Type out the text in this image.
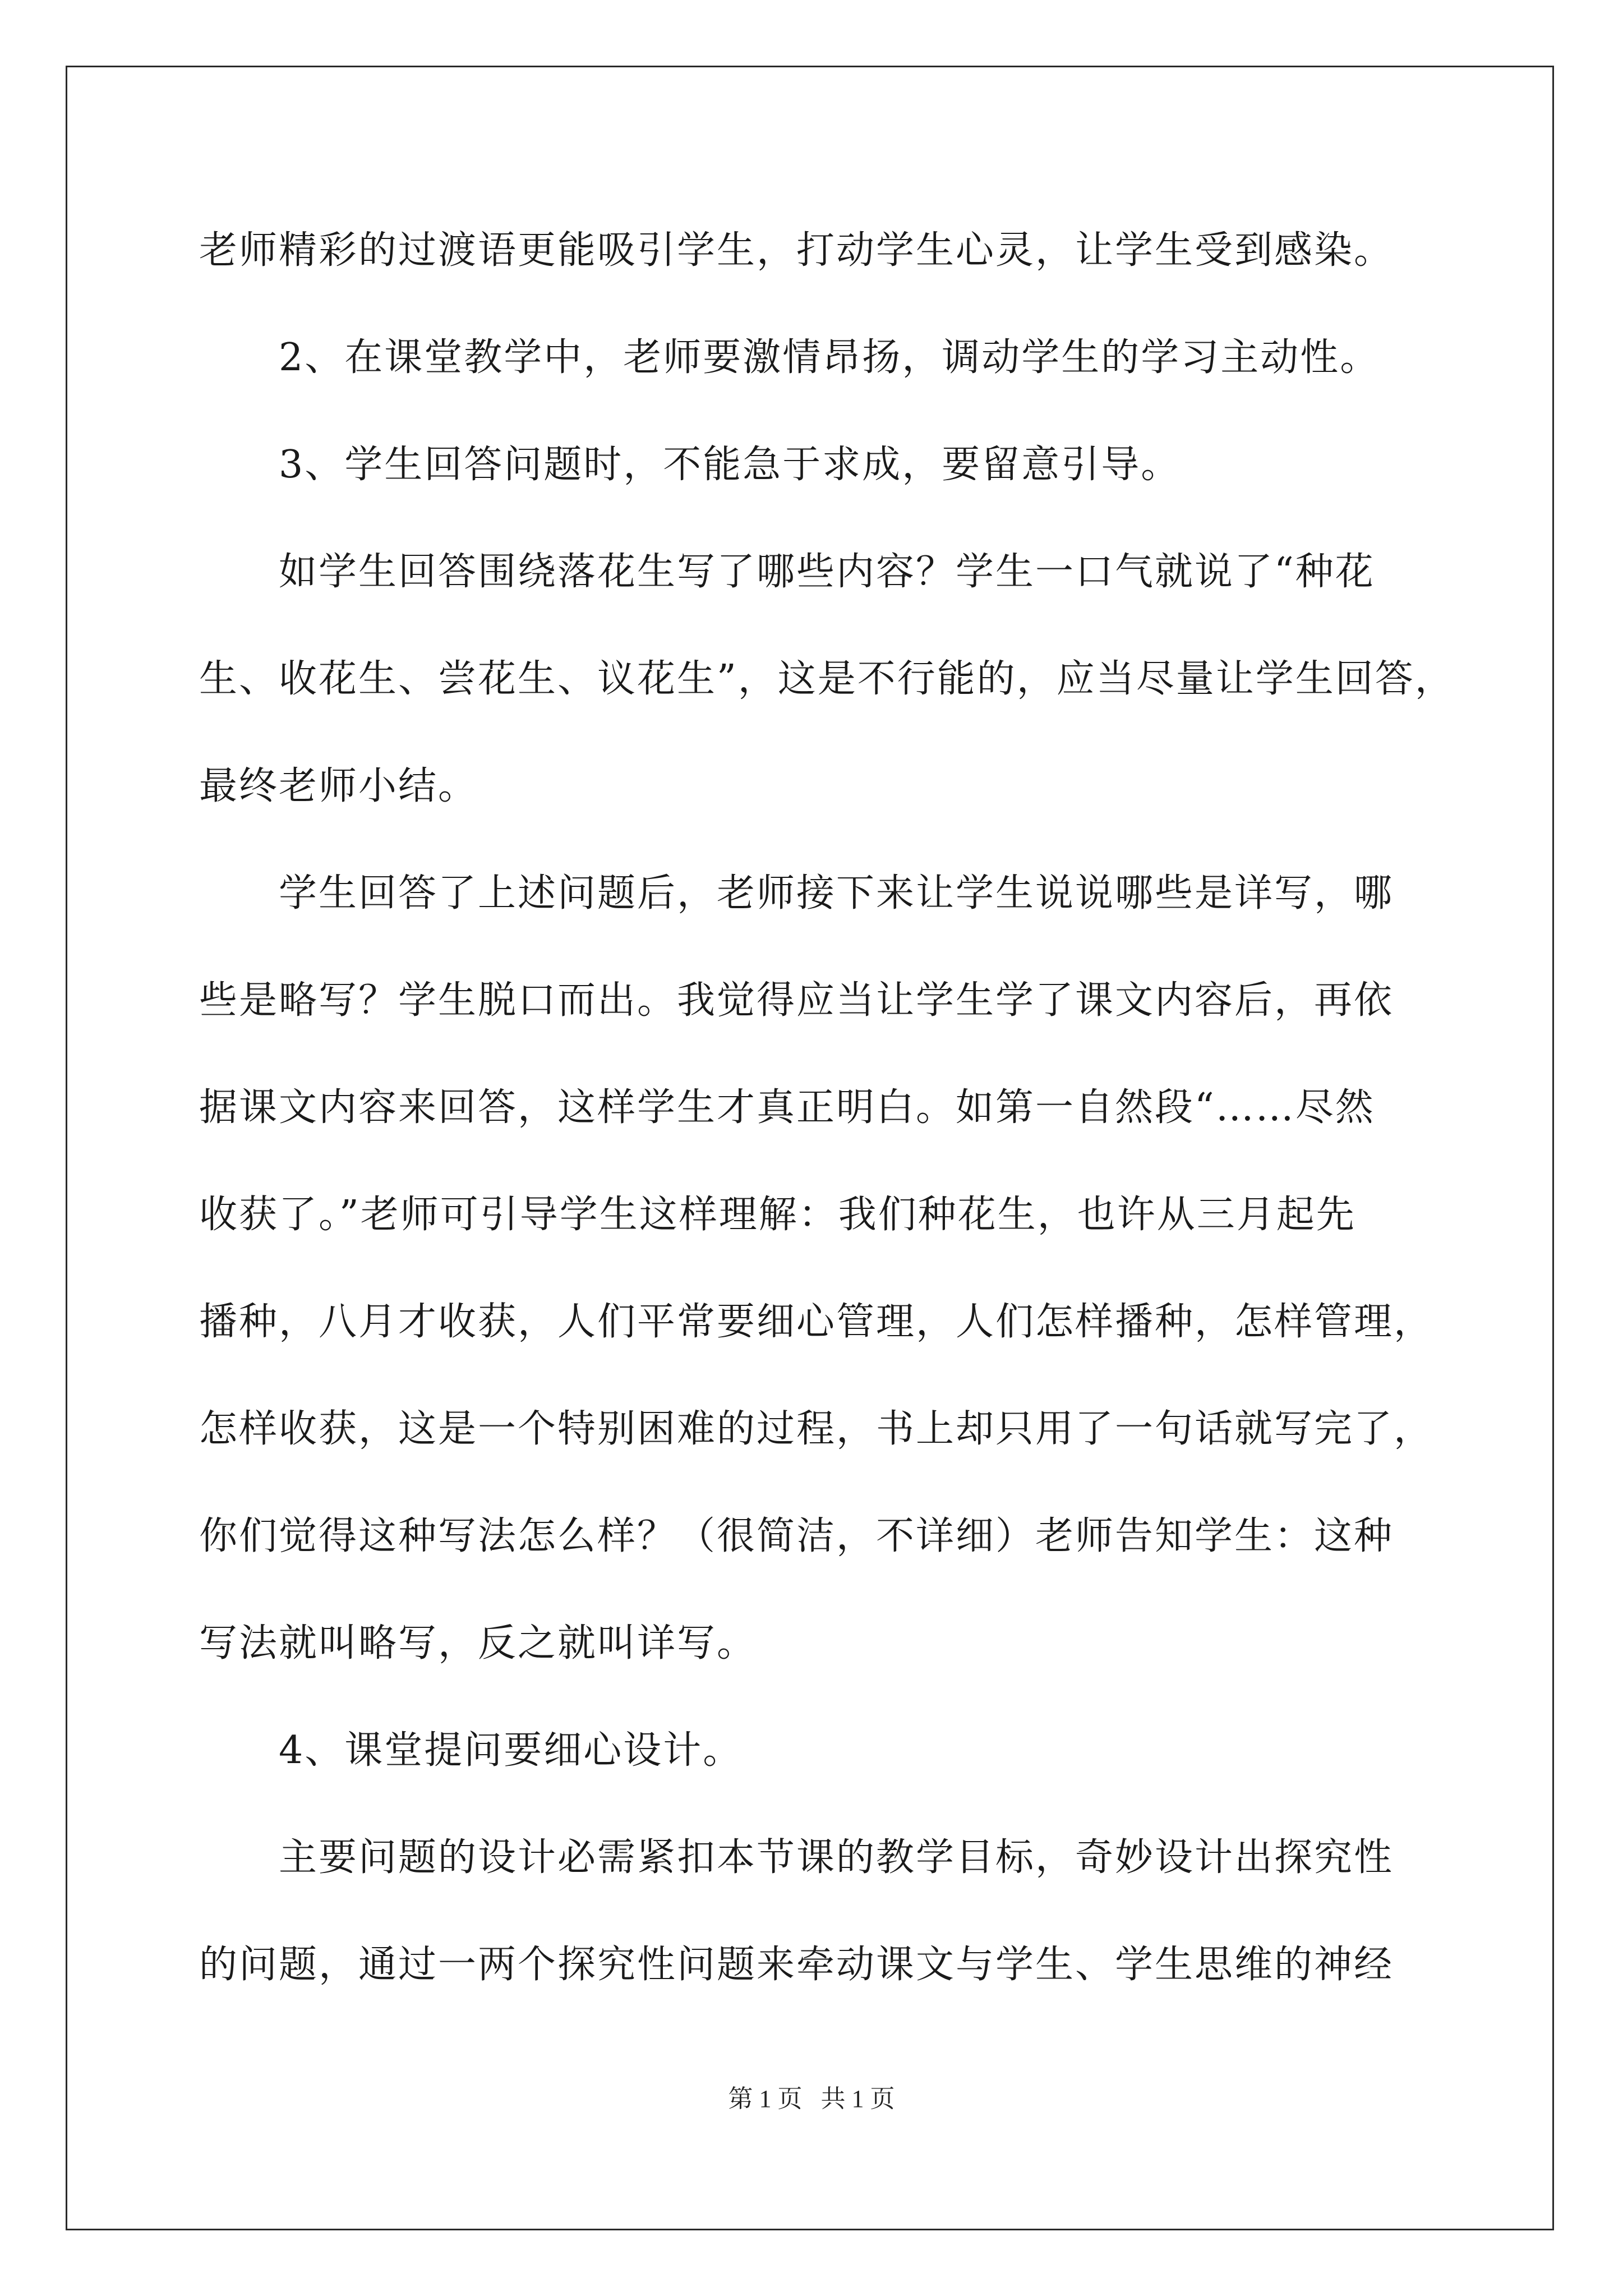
老师精彩的过渡语更能吸引学生，打动学生心灵，让学生受到感染。
2、在课堂教学中，老师要激情昂扬，调动学生的学习主动性。
3、学生回答问题时，不能急于求成，要留意引导。
如学生回答围绕落花生写了哪些内容？学生一口气就说了“种花
生、收花生、尝花生、议花生”，这是不行能的，应当尽量让学生回答，
最终老师小结。
学生回答了上述问题后，老师接下来让学生说说哪些是详写，哪
些是略写？学生脱口而出。我觉得应当让学生学了课文内容后，再依
据课文内容来回答，这样学生才真正明白。如第一自然段“……尽然
收获了。”老师可引导学生这样理解：我们种花生，也许从三月起先
播种，八月才收获，人们平常要细心管理，人们怎样播种，怎样管理，
怎样收获，这是一个特别困难的过程，书上却只用了一句话就写完了，
你们觉得这种写法怎么样？（很简洁，不详细）老师告知学生：这种
写法就叫略写，反之就叫详写。
4、课堂提问要细心设计。
主要问题的设计必需紧扣本节课的教学目标，奇妙设计出探究性
的问题，通过一两个探究性问题来牵动课文与学生、学生思维的神经
第 1 页   共 1 页
